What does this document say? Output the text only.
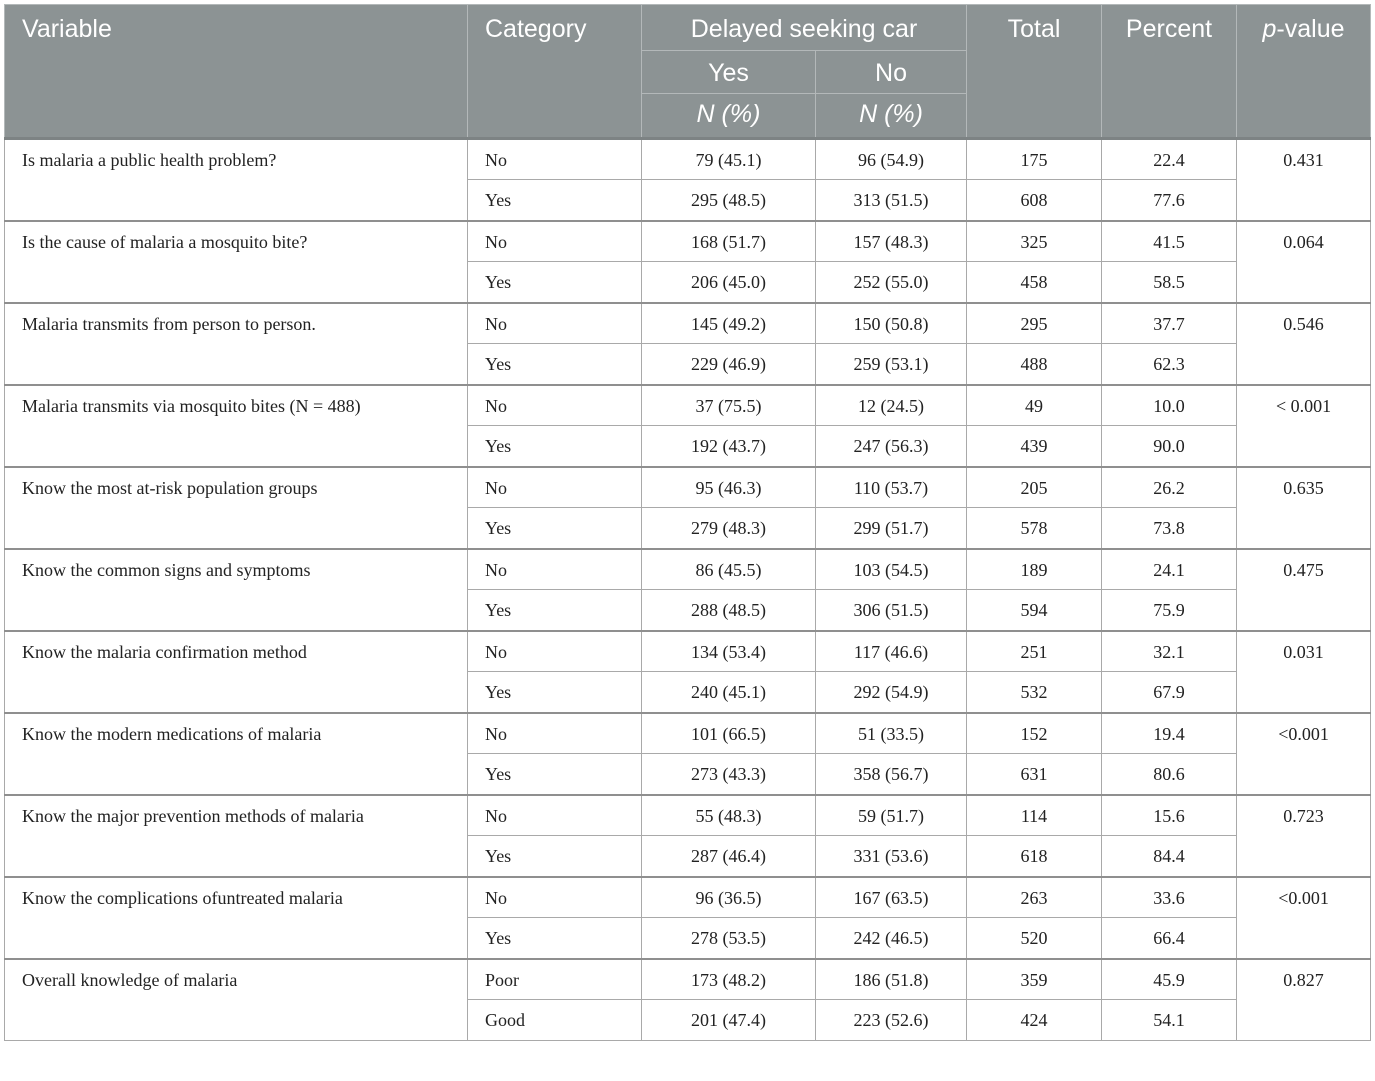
Variable	Category	Delayed seeking car		Total	Percent	p-value
		Yes	No			
		N (%)	N (%)			
Is malaria a public health problem?	No	79 (45.1)	96 (54.9)	175	22.4	0.431
	Yes	295 (48.5)	313 (51.5)	608	77.6	
Is the cause of malaria a mosquito bite?	No	168 (51.7)	157 (48.3)	325	41.5	0.064
	Yes	206 (45.0)	252 (55.0)	458	58.5	
Malaria transmits from person to person.	No	145 (49.2)	150 (50.8)	295	37.7	0.546
	Yes	229 (46.9)	259 (53.1)	488	62.3	
Malaria transmits via mosquito bites (N = 488)	No	37 (75.5)	12 (24.5)	49	10.0	< 0.001
	Yes	192 (43.7)	247 (56.3)	439	90.0	
Know the most at-risk population groups	No	95 (46.3)	110 (53.7)	205	26.2	0.635
	Yes	279 (48.3)	299 (51.7)	578	73.8	
Know the common signs and symptoms	No	86 (45.5)	103 (54.5)	189	24.1	0.475
	Yes	288 (48.5)	306 (51.5)	594	75.9	
Know the malaria confirmation method	No	134 (53.4)	117 (46.6)	251	32.1	0.031
	Yes	240 (45.1)	292 (54.9)	532	67.9	
Know the modern medications of malaria	No	101 (66.5)	51 (33.5)	152	19.4	<0.001
	Yes	273 (43.3)	358 (56.7)	631	80.6	
Know the major prevention methods of malaria	No	55 (48.3)	59 (51.7)	114	15.6	0.723
	Yes	287 (46.4)	331 (53.6)	618	84.4	
Know the complications ofuntreated malaria	No	96 (36.5)	167 (63.5)	263	33.6	<0.001
	Yes	278 (53.5)	242 (46.5)	520	66.4	
Overall knowledge of malaria	Poor	173 (48.2)	186 (51.8)	359	45.9	0.827
	Good	201 (47.4)	223 (52.6)	424	54.1	
